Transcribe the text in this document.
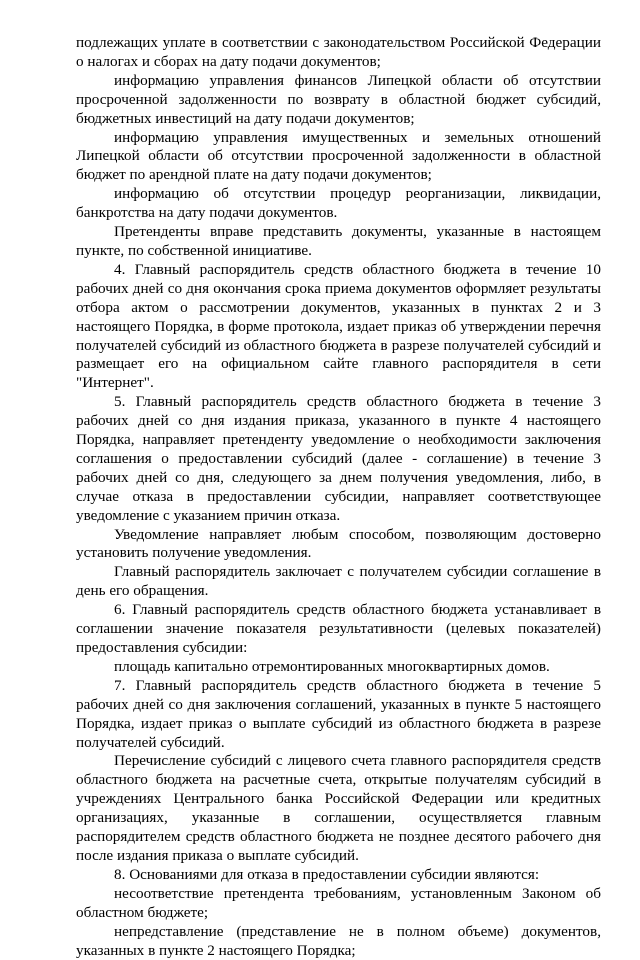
подлежащих уплате в соответствии с законодательством Российской Федерации о налогах и сборах на дату подачи документов;

информацию управления финансов Липецкой области об отсутствии просроченной задолженности по возврату в областной бюджет субсидий, бюджетных инвестиций на дату подачи документов;

информацию управления имущественных и земельных отношений Липецкой области об отсутствии просроченной задолженности в областной бюджет по арендной плате на дату подачи документов;

информацию об отсутствии процедур реорганизации, ликвидации, банкротства на дату подачи документов.

Претенденты вправе представить документы, указанные в настоящем пункте, по собственной инициативе.

4. Главный распорядитель средств областного бюджета в течение 10 рабочих дней со дня окончания срока приема документов оформляет результаты отбора актом о рассмотрении документов, указанных в пунктах 2 и 3 настоящего Порядка, в форме протокола, издает приказ об утверждении перечня получателей субсидий из областного бюджета в разрезе получателей субсидий и размещает его на официальном сайте главного распорядителя в сети "Интернет".

5. Главный распорядитель средств областного бюджета в течение 3 рабочих дней со дня издания приказа, указанного в пункте 4 настоящего Порядка, направляет претенденту уведомление о необходимости заключения соглашения о предоставлении субсидий (далее - соглашение) в течение 3 рабочих дней со дня, следующего за днем получения уведомления, либо, в случае отказа в предоставлении субсидии, направляет соответствующее уведомление с указанием причин отказа.

Уведомление направляет любым способом, позволяющим достоверно установить получение уведомления.

Главный распорядитель заключает с получателем субсидии соглашение в день его обращения.

6. Главный распорядитель средств областного бюджета устанавливает в соглашении значение показателя результативности (целевых показателей) предоставления субсидии:

площадь капитально отремонтированных многоквартирных домов.

7. Главный распорядитель средств областного бюджета в течение 5 рабочих дней со дня заключения соглашений, указанных в пункте 5 настоящего Порядка, издает приказ о выплате субсидий из областного бюджета в разрезе получателей субсидий.

Перечисление субсидий с лицевого счета главного распорядителя средств областного бюджета на расчетные счета, открытые получателям субсидий в учреждениях Центрального банка Российской Федерации или кредитных организациях, указанные в соглашении, осуществляется главным распорядителем средств областного бюджета не позднее десятого рабочего дня после издания приказа о выплате субсидий.

8. Основаниями для отказа в предоставлении субсидии являются:

несоответствие претендента требованиям, установленным Законом об областном бюджете;

непредставление (представление не в полном объеме) документов, указанных в пункте 2 настоящего Порядка;
